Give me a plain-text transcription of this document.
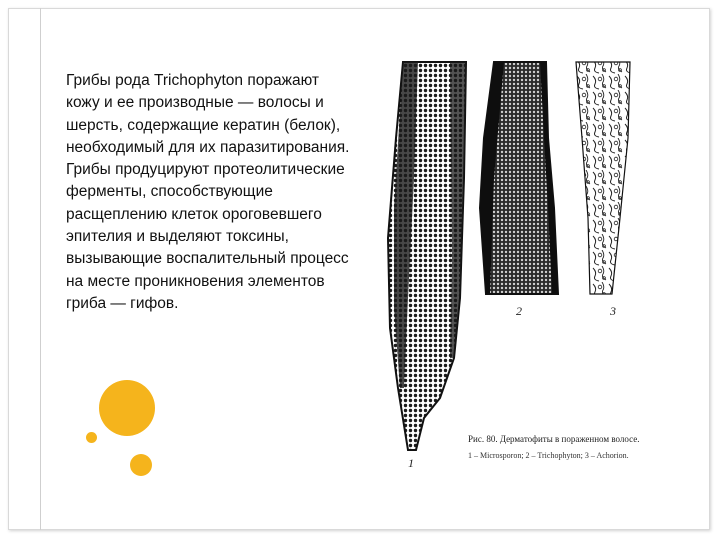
Грибы рода Trichophyton поражают кожу и ее производные — волосы и шерсть, содержащие кератин (белок), необходимый для их паразитирования. Грибы продуцируют протеолитические ферменты, способствующие расщеплению клеток ороговевшего эпителия и выделяют токсины, вызывающие воспалительный процесс на месте проникновения элементов гриба — гифов.

1
2	3
Рис. 80. Дерматофиты в пораженном волосе.
1 – Microsporon; 2 – Trichophyton; 3 – Achorion.
